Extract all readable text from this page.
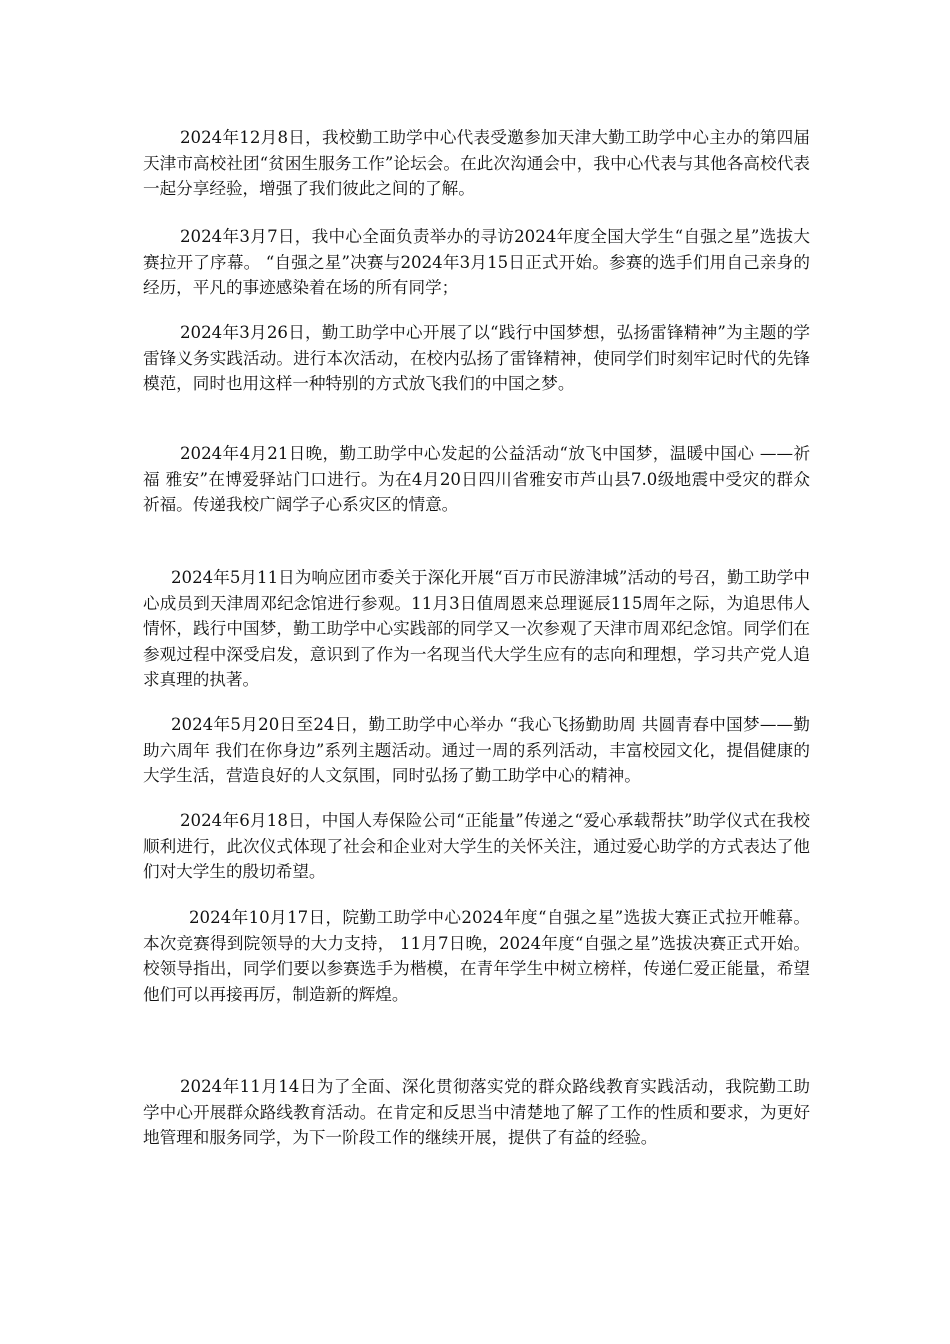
2024年12月8日，我校勤工助学中心代表受邀参加天津大勤工助学中心主办的第四届天津市高校社团“贫困生服务工作”论坛会。在此次沟通会中，我中心代表与其他各高校代表一起分享经验，增强了我们彼此之间的了解。

2024年3月7日，我中心全面负责举办的寻访2024年度全国大学生“自强之星”选拔大赛拉开了序幕。 “自强之星”决赛与2024年3月15日正式开始。参赛的选手们用自己亲身的经历，平凡的事迹感染着在场的所有同学；

2024年3月26日，勤工助学中心开展了以“践行中国梦想，弘扬雷锋精神”为主题的学雷锋义务实践活动。进行本次活动，在校内弘扬了雷锋精神，使同学们时刻牢记时代的先锋模范，同时也用这样一种特别的方式放飞我们的中国之梦。

2024年4月21日晚，勤工助学中心发起的公益活动“放飞中国梦，温暖中国心 ——祈福 雅安”在博爱驿站门口进行。为在4月20日四川省雅安市芦山县7.0级地震中受灾的群众祈福。传递我校广阔学子心系灾区的情意。

2024年5月11日为响应团市委关于深化开展“百万市民游津城”活动的号召，勤工助学中心成员到天津周邓纪念馆进行参观。11月3日值周恩来总理诞辰115周年之际，为追思伟人情怀，践行中国梦，勤工助学中心实践部的同学又一次参观了天津市周邓纪念馆。同学们在参观过程中深受启发，意识到了作为一名现当代大学生应有的志向和理想，学习共产党人追求真理的执著。

2024年5月20日至24日，勤工助学中心举办 “我心飞扬勤助周 共圆青春中国梦——勤助六周年 我们在你身边”系列主题活动。通过一周的系列活动，丰富校园文化，提倡健康的大学生活，营造良好的人文氛围，同时弘扬了勤工助学中心的精神。

2024年6月18日，中国人寿保险公司“正能量”传递之“爱心承载帮扶”助学仪式在我校顺利进行，此次仪式体现了社会和企业对大学生的关怀关注，通过爱心助学的方式表达了他们对大学生的殷切希望。

2024年10月17日，院勤工助学中心2024年度“自强之星”选拔大赛正式拉开帷幕。本次竞赛得到院领导的大力支持， 11月7日晚，2024年度“自强之星”选拔决赛正式开始。校领导指出，同学们要以参赛选手为楷模，在青年学生中树立榜样，传递仁爱正能量，希望他们可以再接再厉，制造新的辉煌。

2024年11月14日为了全面、深化贯彻落实党的群众路线教育实践活动，我院勤工助学中心开展群众路线教育活动。在肯定和反思当中清楚地了解了工作的性质和要求，为更好地管理和服务同学，为下一阶段工作的继续开展，提供了有益的经验。
